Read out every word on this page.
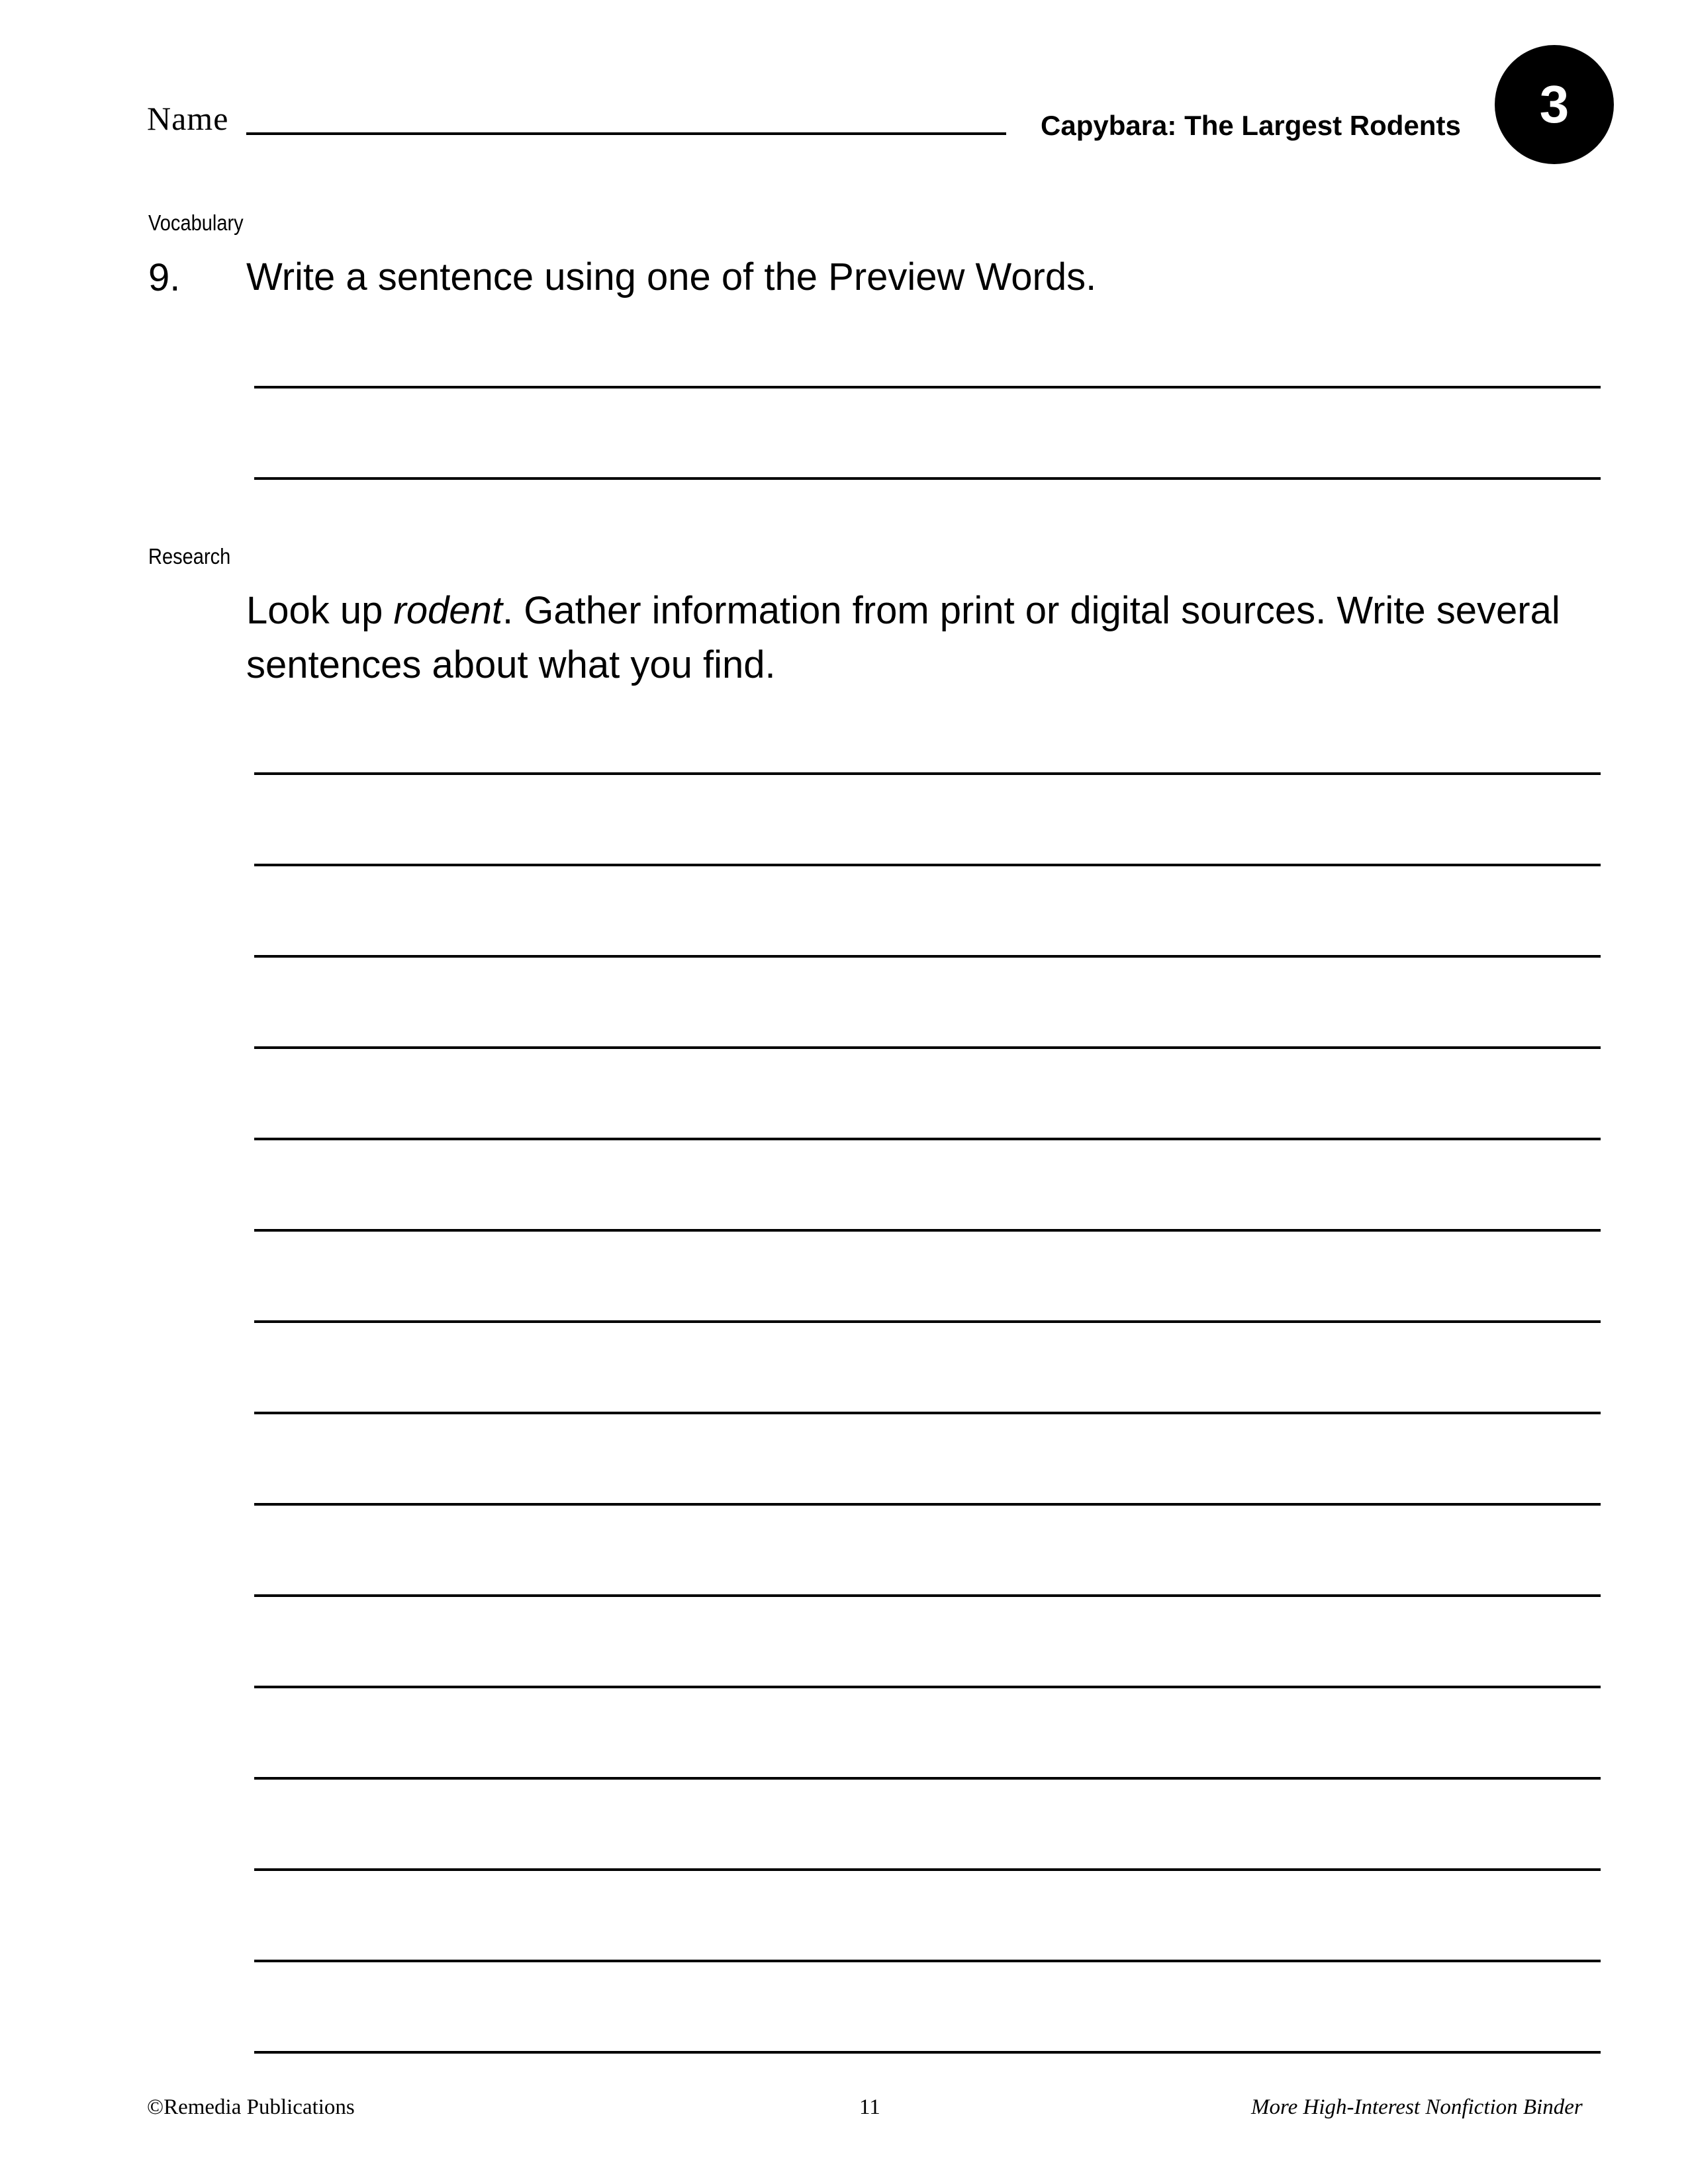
Name	Capybara: The Largest Rodents 3
Vocabulary
9. Write a sentence using one of the Preview Words.
Research
Look up rodent. Gather information from print or digital sources. Write several sentences about what you find.
©Remedia Publications	11	More High-Interest Nonfiction Binder
